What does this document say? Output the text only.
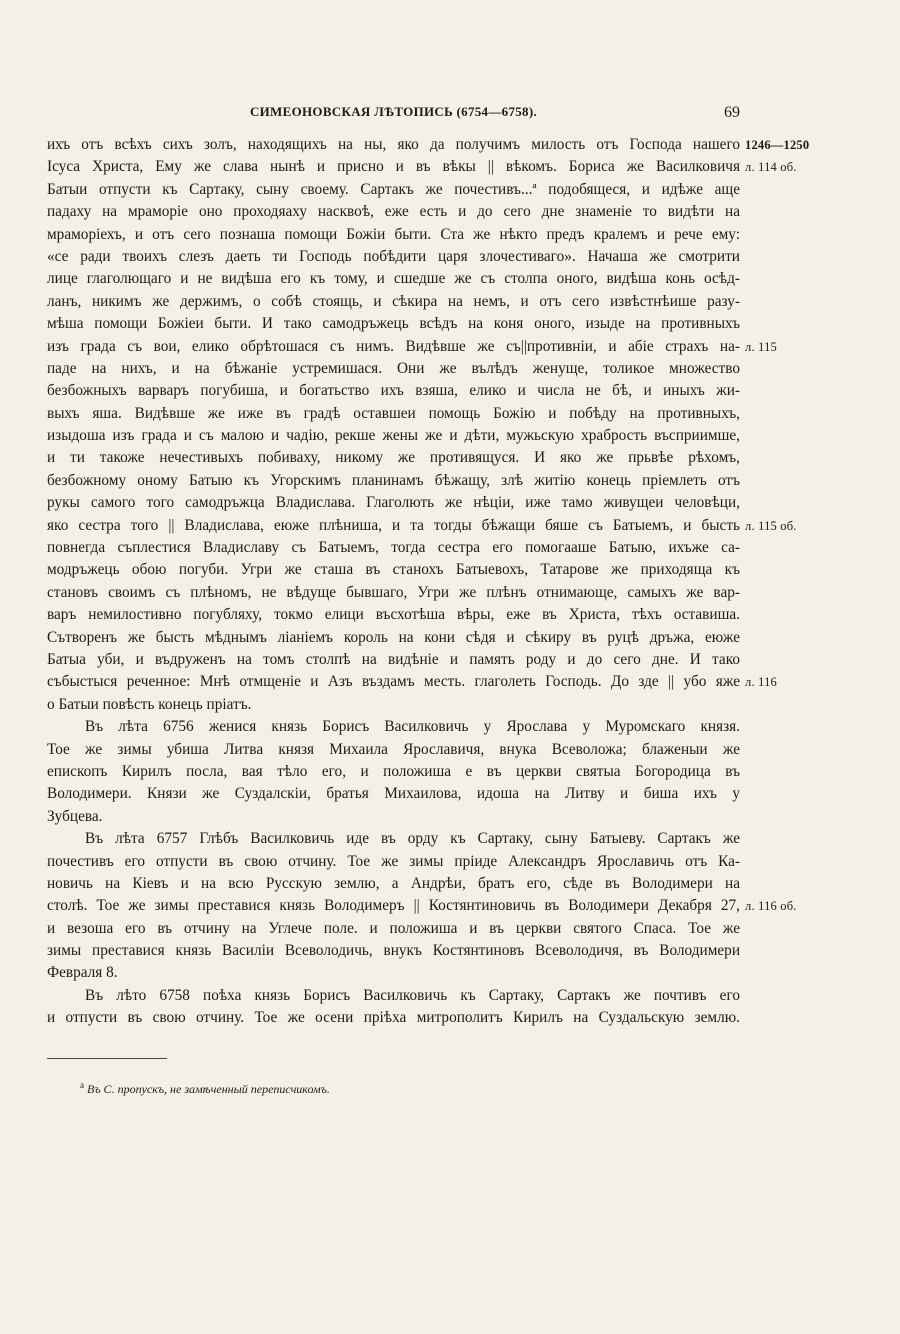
СИМЕОНОВСКАЯ ЛѢТОПИСЬ (6754—6758).	69
ихъ отъ всѣхъ сихъ золъ, находящихъ на ны, яко да получимъ милость отъ Господа нашего 1246—1250
Iсуса Христа, Ему же слава нынѣ и присно и въ вѣкы || вѣкомъ. Бориса же Василковичя л. 114 об.
Батыи отпусти къ Сартаку, сыну своему. Сартакъ же почестивъ...ª подобящеся, и идѣже аще
падаху на мраморіе оно проходяаху насквоѣ, еже есть и до сего дне знаменіе то видѣти на
мраморіехъ, и отъ сего познаша помощи Божіи быти. Ста же нѣкто предъ кралемъ и рече ему:
«се ради твоихъ слезъ даеть ти Господь побѣдити царя злочестиваго». Начаша же смотрити
лице глаголющаго и не видѣша его къ тому, и сшедше же съ столпа оного, видѣша конь осѣд-
ланъ, никимъ же держимъ, о собѣ стоящь, и сѣкира на немъ, и отъ сего извѣстнѣише разу-
мѣша помощи Божіеи быти. И тако самодръжець всѣдъ на коня оного, изыде на противныхъ
изъ града съ вои, елико обрѣтошася съ нимъ. Видѣвше же съ||противніи, и абіе страхъ на- л. 115
паде на нихъ, и на бѣжаніе устремишася. Они же вълѣдъ женуще, толикое множество
безбожныхъ варваръ погубиша, и богатьство ихъ взяша, елико и числа не бѣ, и иныхъ жи-
выхъ яша. Видѣвше же иже въ градѣ оставшеи помощь Божію и побѣду на противныхъ,
изыдоша изъ града и съ малою и чадію, рекше жены же и дѣти, мужьскую храбрость въсприимше,
и ти такоже нечестивыхъ побиваху, никому же противящуся. И яко же прьвѣе рѣхомъ,
безбожному оному Батыю къ Угорскимъ планинамъ бѣжащу, злѣ житію конець пріемлеть отъ
рукы самого того самодръжца Владислава. Глаголють же нѣціи, иже тамо живущеи человѣци,
яко сестра того || Владислава, еюже плѣниша, и та тогды бѣжащи бяше съ Батыемъ, и бысть л. 115 об.
повнегда съплестися Владиславу съ Батыемъ, тогда сестра его помогааше Батыю, ихъже са-
модръжець обою погуби. Угри же сташа въ станохъ Батыевохъ, Татарове же приходяща къ
становъ своимъ съ плѣномъ, не вѣдуще бывшаго, Угри же плѣнъ отнимающе, самыхъ же вар-
варъ немилостивно погубляху, токмо елици въсхотѣша вѣры, еже въ Христа, тѣхъ оставиша.
Сътворенъ же бысть мѣднымъ ліаніемъ король на кони сѣдя и сѣкиру въ руцѣ дръжа, еюже
Батыа уби, и въдруженъ на томъ столпѣ на видѣніе и память роду и до сего дне. И тако
събыстыся реченное: Мнѣ отмщеніе и Азъ въздамъ месть. глаголеть Господь. До зде || убо яже л. 116
о Батыи повѣсть конець пріатъ.
Въ лѣта 6756 женися князь Борисъ Василковичь у Ярослава у Муромскаго князя.
Тое же зимы убиша Литва князя Михаила Ярославичя, внука Всеволожа; блаженыи же
епископъ Кирилъ посла, вая тѣло его, и положиша е въ церкви святыа Богородица въ
Володимери. Князи же Суздалскіи, братья Михаилова, идоша на Литву и биша ихъ у
Зубцева.
Въ лѣта 6757 Глѣбъ Василковичь иде въ орду къ Сартаку, сыну Батыеву. Сартакъ же
почестивъ его отпусти въ свою отчину. Тое же зимы пріиде Александръ Ярославичь отъ Ка-
новичь на Кіевъ и на всю Русскую землю, а Андрѣи, братъ его, сѣде въ Володимери на
столѣ. Тое же зимы преставися князь Володимеръ || Костянтиновичь въ Володимери Декабря 27, л. 116 об.
и везоша его въ отчину на Углече поле. и положиша и въ церкви святого Спаса. Тое же
зимы преставися князь Василіи Всеволодичь, внукъ Костянтиновъ Всеволодичя, въ Володимери
Февраля 8.
Въ лѣто 6758 поѣха князь Борисъ Василковичь къ Сартаку, Сартакъ же почтивъ его
и отпусти въ свою отчину. Тое же осени пріѣха митрополитъ Кирилъ на Суздальскую землю.
$^а$ Въ С. пропускъ, не замѣченный переписчикомъ.
